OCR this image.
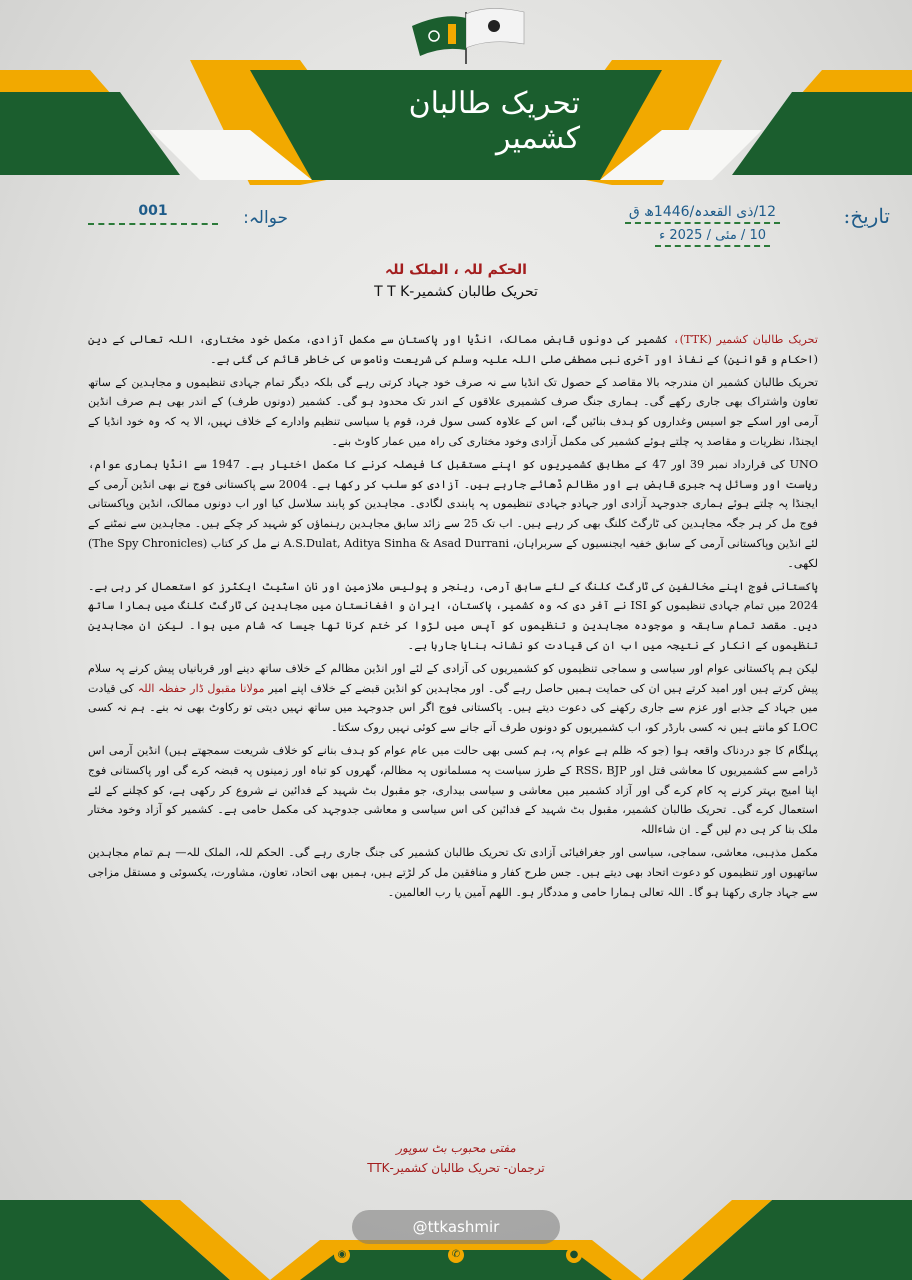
تحریک طالبان کشمیر
تاریخ:
12/ذی القعدہ/1446ھ ق
10 / مئی / 2025 ء
001	حوالہ:
الحکم للہ ، الملک للہ
تحریک طالبان کشمیر-T T K

تحریک طالبان کشمیر (TTK)، کشمیر کی دونوں قابض ممالک، انڈیا اور پاکستان سے مکمل آزادی، مکمل خود مختاری، اللہ تعالی کے دین (احکام و قوانین) کے نفاذ اور آخری نبی مصطفی صلی اللہ علیہ وسلم کی شریعت وناموس کی خاطر قائم کی گئی ہے۔

تحریک طالبان کشمیر ان مندرجہ بالا مقاصد کے حصول تک انڈیا سے نہ صرف خود جہاد کرتی رہے گی بلکہ دیگر تمام جہادی تنظیموں و مجاہدین کے ساتھ تعاون واشتراک بھی جاری رکھے گی۔ ہماری جنگ صرف کشمیری علاقوں کے اندر تک محدود ہو گی۔ کشمیر (دونوں طرف) کے اندر بھی ہم صرف انڈین آرمی اور اسکے جو اسیس وغداروں کو ہدف بنائیں گے، اس کے علاوہ کسی سول فرد، قوم یا سیاسی تنظیم وادارے کے خلاف نہیں، الا یہ کہ وہ خود انڈیا کے ایجنڈا، نظریات و مقاصد پہ چلتے ہوئے کشمیر کی مکمل آزادی وخود مختاری کی راہ میں عمار کاوٹ بنے۔

UNO کی قرارداد نمبر 39 اور 47 کے مطابق کشمیریوں کو اپنے مستقبل کا فیصلہ کرنے کا مکمل اختیار ہے۔ 1947 سے انڈیا ہماری عوام، ریاست اور وسائل پہ جبری قابض ہے اور مظالم ڈھائے جارہے ہیں۔ آزادی کو سلب کر رکھا ہے۔ 2004 سے پاکستانی فوج نے بھی انڈین آرمی کے ایجنڈا پہ چلتے ہوئے ہماری جدوجہد آزادی اور جہادو جہادی تنظیموں پہ پابندی لگادی۔ مجاہدین کو پابند سلاسل کیا اور اب دونوں ممالک، انڈین وپاکستانی فوج مل کر ہر جگہ مجاہدین کی ٹارگٹ کلنگ بھی کر رہے ہیں۔ اب تک 25 سے زائد سابق مجاہدین رہنماؤں کو شہید کر چکے ہیں۔ مجاہدین سے نمٹنے کے لئے انڈین وپاکستانی آرمی کے سابق خفیہ ایجنسیوں کے سربراہان، A.S.Dulat, Aditya Sinha & Asad Durrani نے مل کر کتاب (The Spy Chronicles) لکھی۔

پاکستانی فوج اپنے مخالفین کی ٹارگٹ کلنگ کے لئے سابق آرمی، رینجر و پولیس ملازمین اور نان اسٹیٹ ایکٹرز کو استعمال کر رہی ہے۔ 2024 میں تمام جہادی تنظیموں کو ISI نے آفر دی کہ وہ کشمیر، پاکستان، ایران و افغانستان میں مجاہدین کی ٹارگٹ کلنگ میں ہمارا ساتھ دیں۔ مقصد تمام سابقہ و موجودہ مجاہدین و تنظیموں کو آپس میں لڑوا کر ختم کرنا تھا جیسا کہ شام میں ہوا۔ لیکن ان مجاہدین تنظیموں کے انکار کے نتیجہ میں اب ان کی قیادت کو نشانہ بنایا جارہا ہے۔

لیکن ہم پاکستانی عوام اور سیاسی و سماجی تنظیموں کو کشمیریوں کی آزادی کے لئے اور انڈین مظالم کے خلاف ساتھ دینے اور قربانیاں پیش کرنے پہ سلام پیش کرتے ہیں اور امید کرتے ہیں ان کی حمایت ہمیں حاصل رہے گی۔ اور مجاہدین کو انڈین قبضے کے خلاف اپنے امیر مولانا مقبول ڈار حفظہ اللہ کی قیادت میں جہاد کے جذبے اور عزم سے جاری رکھنے کی دعوت دیتے ہیں۔ پاکستانی فوج اگر اس جدوجہد میں ساتھ نہیں دیتی تو رکاوٹ بھی نہ بنے۔ ہم نہ کسی LOC کو مانتے ہیں نہ کسی بارڈر کو، اب کشمیریوں کو دونوں طرف آنے جانے سے کوئی نہیں روک سکتا۔

پہلگام کا جو دردناک واقعہ ہوا (جو کہ ظلم ہے عوام پہ، ہم کسی بھی حالت میں عام عوام کو ہدف بنانے کو خلاف شریعت سمجھتے ہیں) انڈین آرمی اس ڈرامے سے کشمیریوں کا معاشی قتل اور RSS، BJP کے طرز سیاست پہ مسلمانوں پہ مظالم، گھروں کو تباہ اور زمینوں پہ قبضہ کرے گی اور پاکستانی فوج اپنا امیج بہتر کرنے پہ کام کرے گی اور آزاد کشمیر میں معاشی و سیاسی بیداری، جو مقبول بٹ شہید کے فدائین نے شروع کر رکھی ہے، کو کچلنے کے لئے استعمال کرے گی۔ تحریک طالبان کشمیر، مقبول بٹ شہید کے فدائین کی اس سیاسی و معاشی جدوجہد کی مکمل حامی ہے۔ کشمیر کو آزاد وخود مختار ملک بنا کر ہی دم لیں گے۔ ان شاءاللہ

مکمل مذہبی، معاشی، سماجی، سیاسی اور جغرافیائی آزادی تک تحریک طالبان کشمیر کی جنگ جاری رہے گی۔ الحکم للہ، الملک للہ— ہم تمام مجاہدین ساتھیوں اور تنظیموں کو دعوت اتحاد بھی دیتے ہیں۔ جس طرح کفار و منافقین مل کر لڑتے ہیں، ہمیں بھی اتحاد، تعاون، مشاورت، یکسوئی و مستقل مزاجی سے جہاد جاری رکھنا ہو گا۔ اللہ تعالی ہمارا حامی و مددگار ہو۔ اللھم آمین یا رب العالمین۔

مفتی محبوب بٹ سوپور
ترجمان- تحریک طالبان کشمیر-TTK
@ttkashmir
◉	✆	●
